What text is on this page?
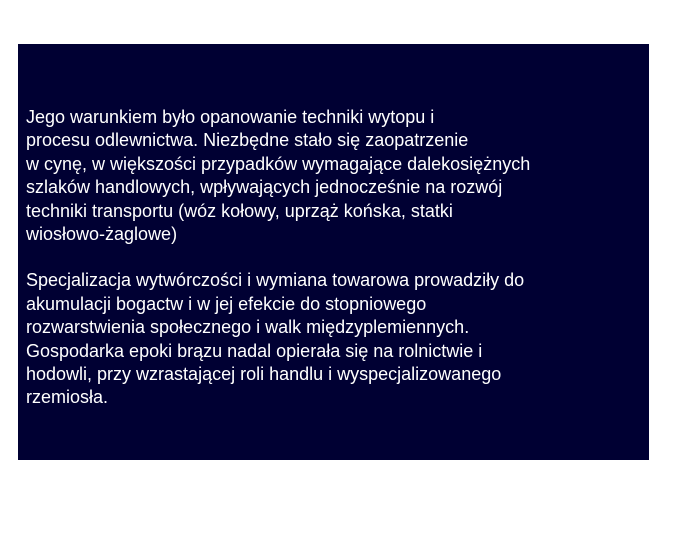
Jego warunkiem było opanowanie techniki wytopu i
procesu odlewnictwa. Niezbędne stało się zaopatrzenie
w cynę, w większości przypadków wymagające dalekosiężnych
szlaków handlowych, wpływających jednocześnie na rozwój
techniki transportu (wóz kołowy, uprząż końska, statki
wiosłowo-żaglowe)

Specjalizacja wytwórczości i wymiana towarowa prowadziły do
akumulacji bogactw i w jej efekcie do stopniowego
rozwarstwienia społecznego i walk międzyplemiennych.
Gospodarka epoki brązu nadal opierała się na rolnictwie i
hodowli, przy wzrastającej roli handlu i wyspecjalizowanego
rzemiosła.
